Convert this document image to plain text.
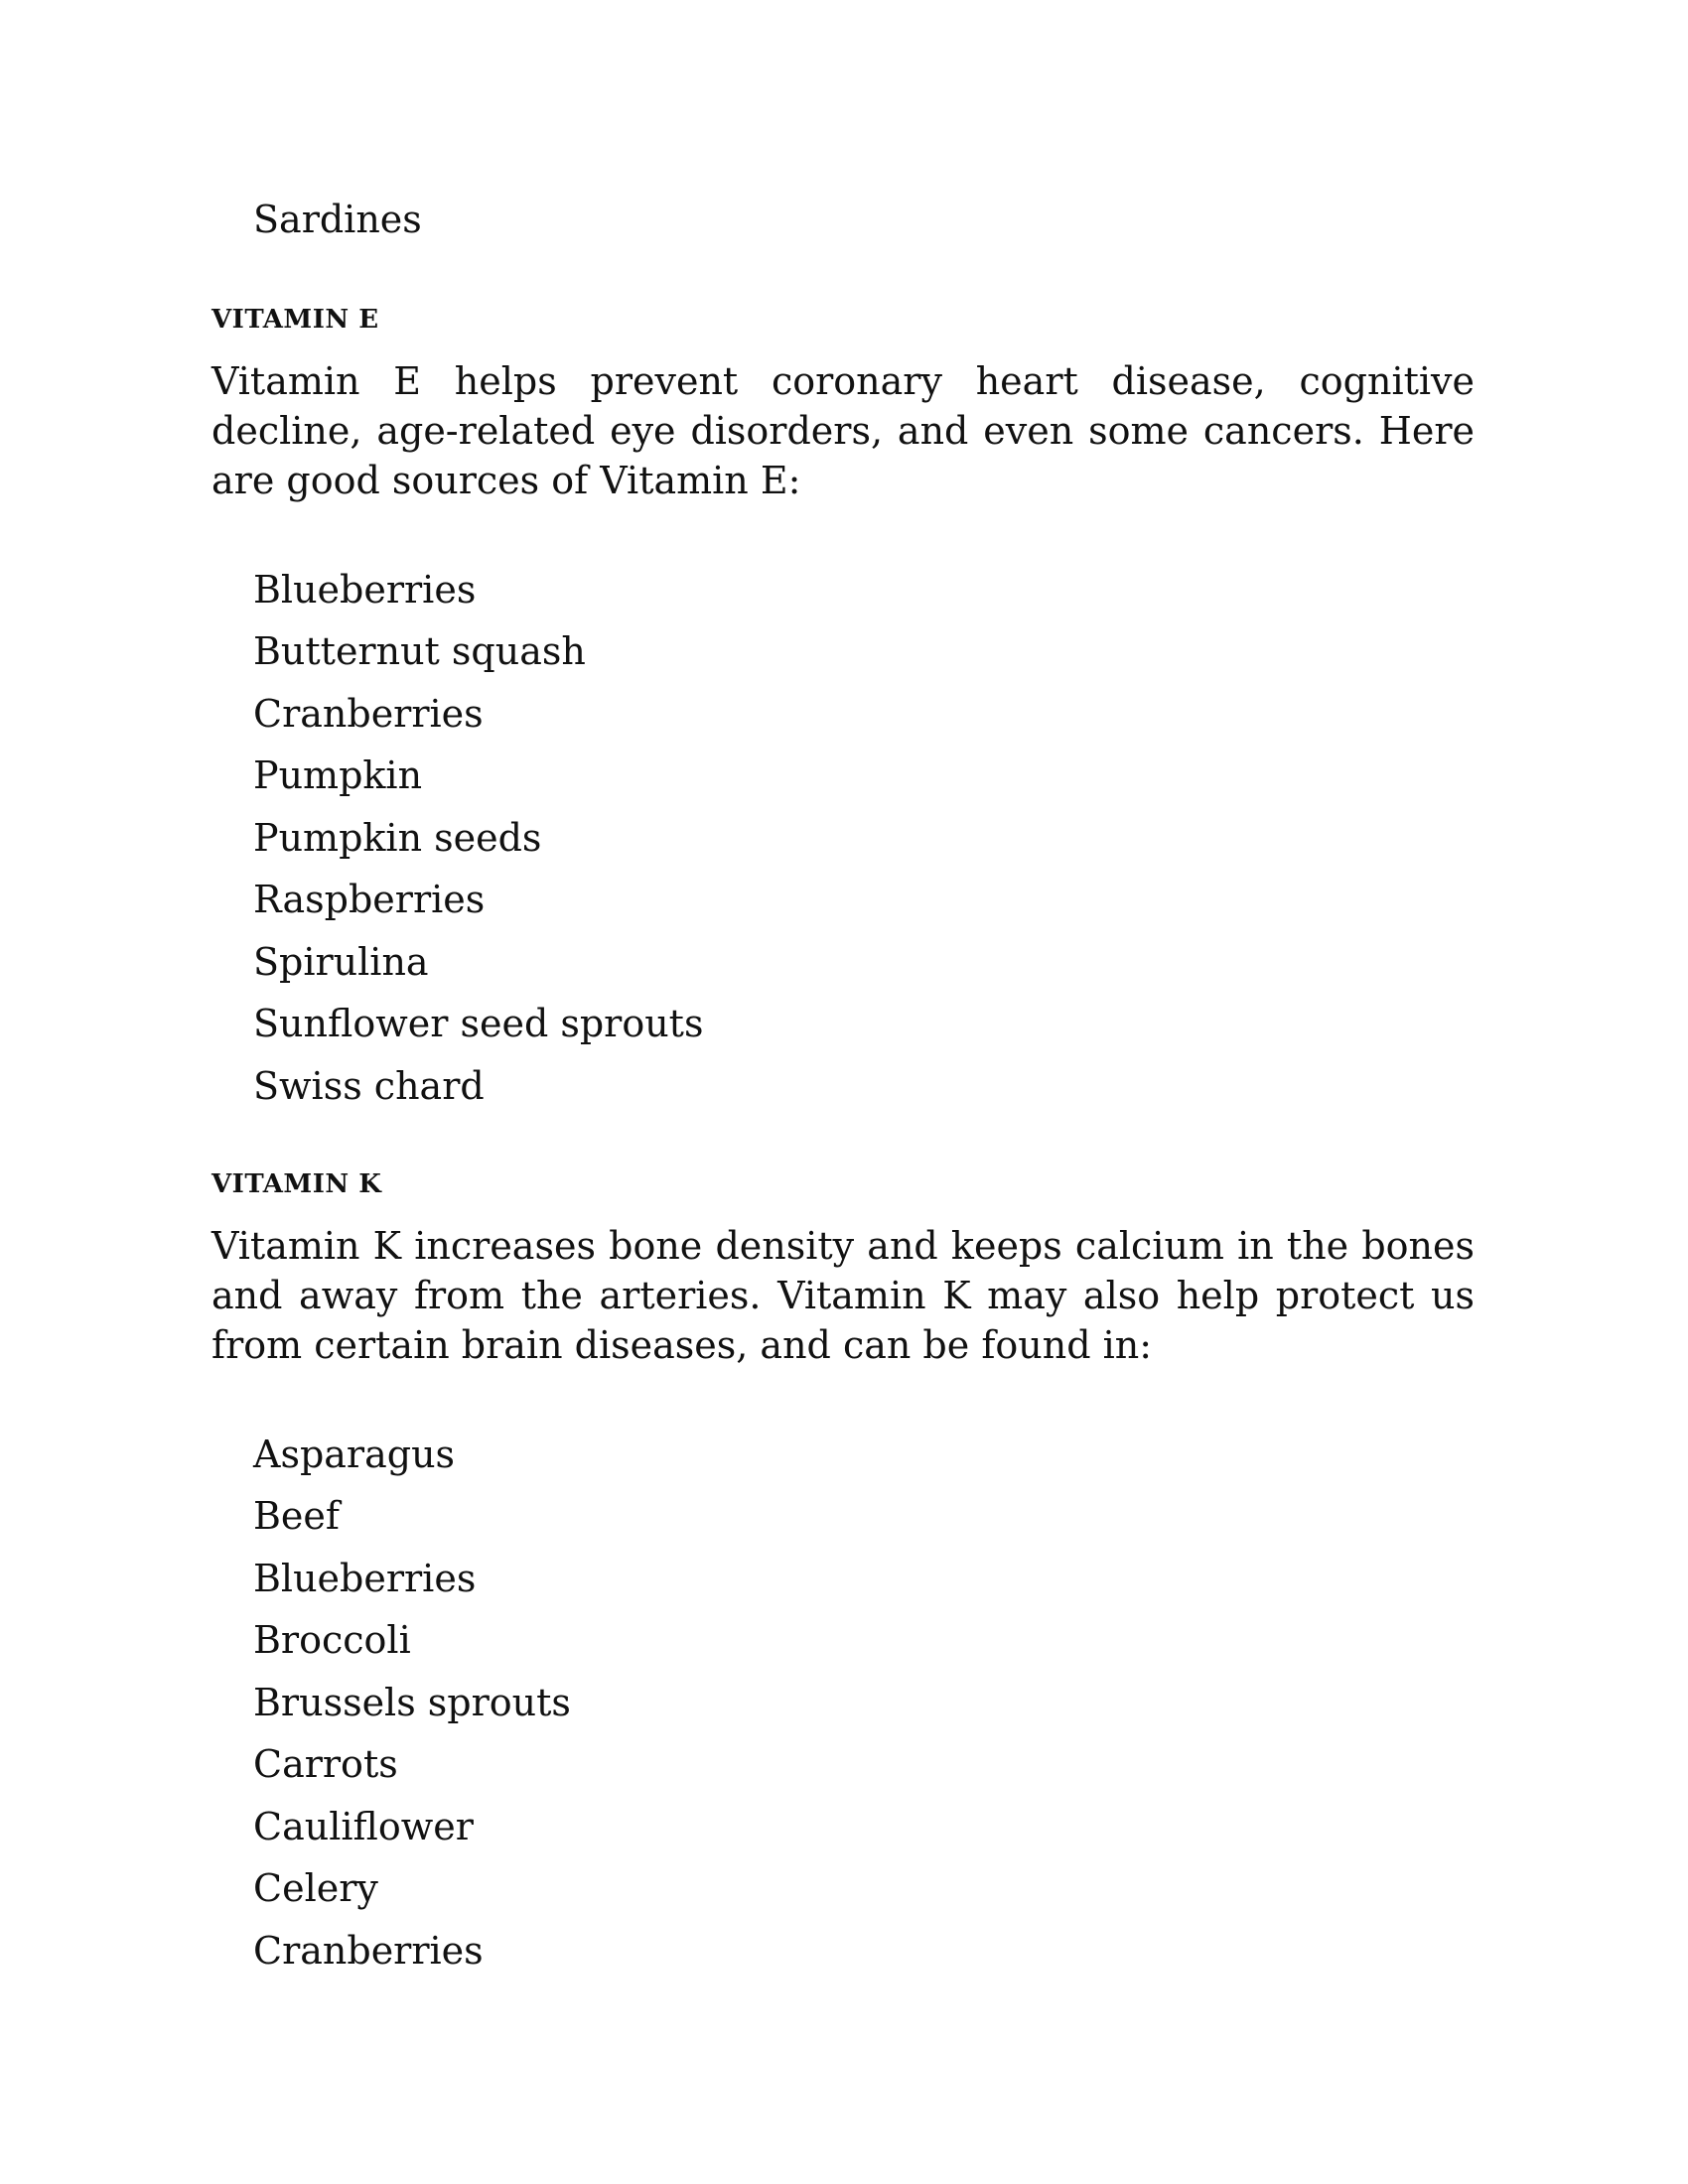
Sardines
VITAMIN E
Vitamin E helps prevent coronary heart disease, cognitive decline, age-related eye disorders, and even some cancers. Here are good sources of Vitamin E:
Blueberries
Butternut squash
Cranberries
Pumpkin
Pumpkin seeds
Raspberries
Spirulina
Sunflower seed sprouts
Swiss chard
VITAMIN K
Vitamin K increases bone density and keeps calcium in the bones and away from the arteries. Vitamin K may also help protect us from certain brain diseases, and can be found in:
Asparagus
Beef
Blueberries
Broccoli
Brussels sprouts
Carrots
Cauliflower
Celery
Cranberries
